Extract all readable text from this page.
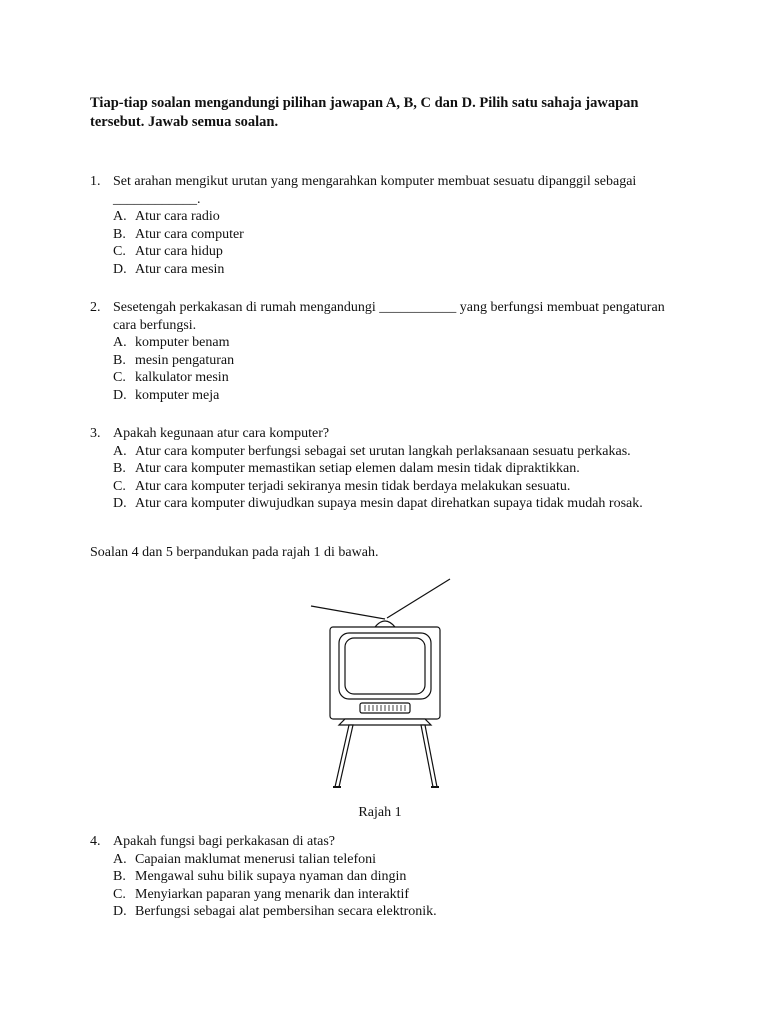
Tiap-tiap soalan mengandungi pilihan jawapan A, B, C dan D. Pilih satu sahaja jawapan tersebut. Jawab semua soalan.
1. Set arahan mengikut urutan yang mengarahkan komputer membuat sesuatu dipanggil sebagai
____________.
A. Atur cara radio
B. Atur cara computer
C. Atur cara hidup
D. Atur cara mesin
2. Sesetengah perkakasan di rumah mengandungi ___________ yang berfungsi membuat pengaturan cara berfungsi.
A. komputer benam
B. mesin pengaturan
C. kalkulator mesin
D. komputer meja
3. Apakah kegunaan atur cara komputer?
A. Atur cara komputer berfungsi sebagai set urutan langkah perlaksanaan sesuatu perkakas.
B. Atur cara komputer memastikan setiap elemen dalam mesin tidak dipraktikkan.
C. Atur cara komputer terjadi sekiranya mesin tidak berdaya melakukan sesuatu.
D. Atur cara komputer diwujudkan supaya mesin dapat direhatkan supaya tidak mudah rosak.
Soalan 4 dan 5 berpandukan pada rajah 1 di bawah.
Rajah 1
4. Apakah fungsi bagi perkakasan di atas?
A. Capaian maklumat menerusi talian telefoni
B. Mengawal suhu bilik supaya nyaman dan dingin
C. Menyiarkan paparan yang menarik dan interaktif
D. Berfungsi sebagai alat pembersihan secara elektronik.
